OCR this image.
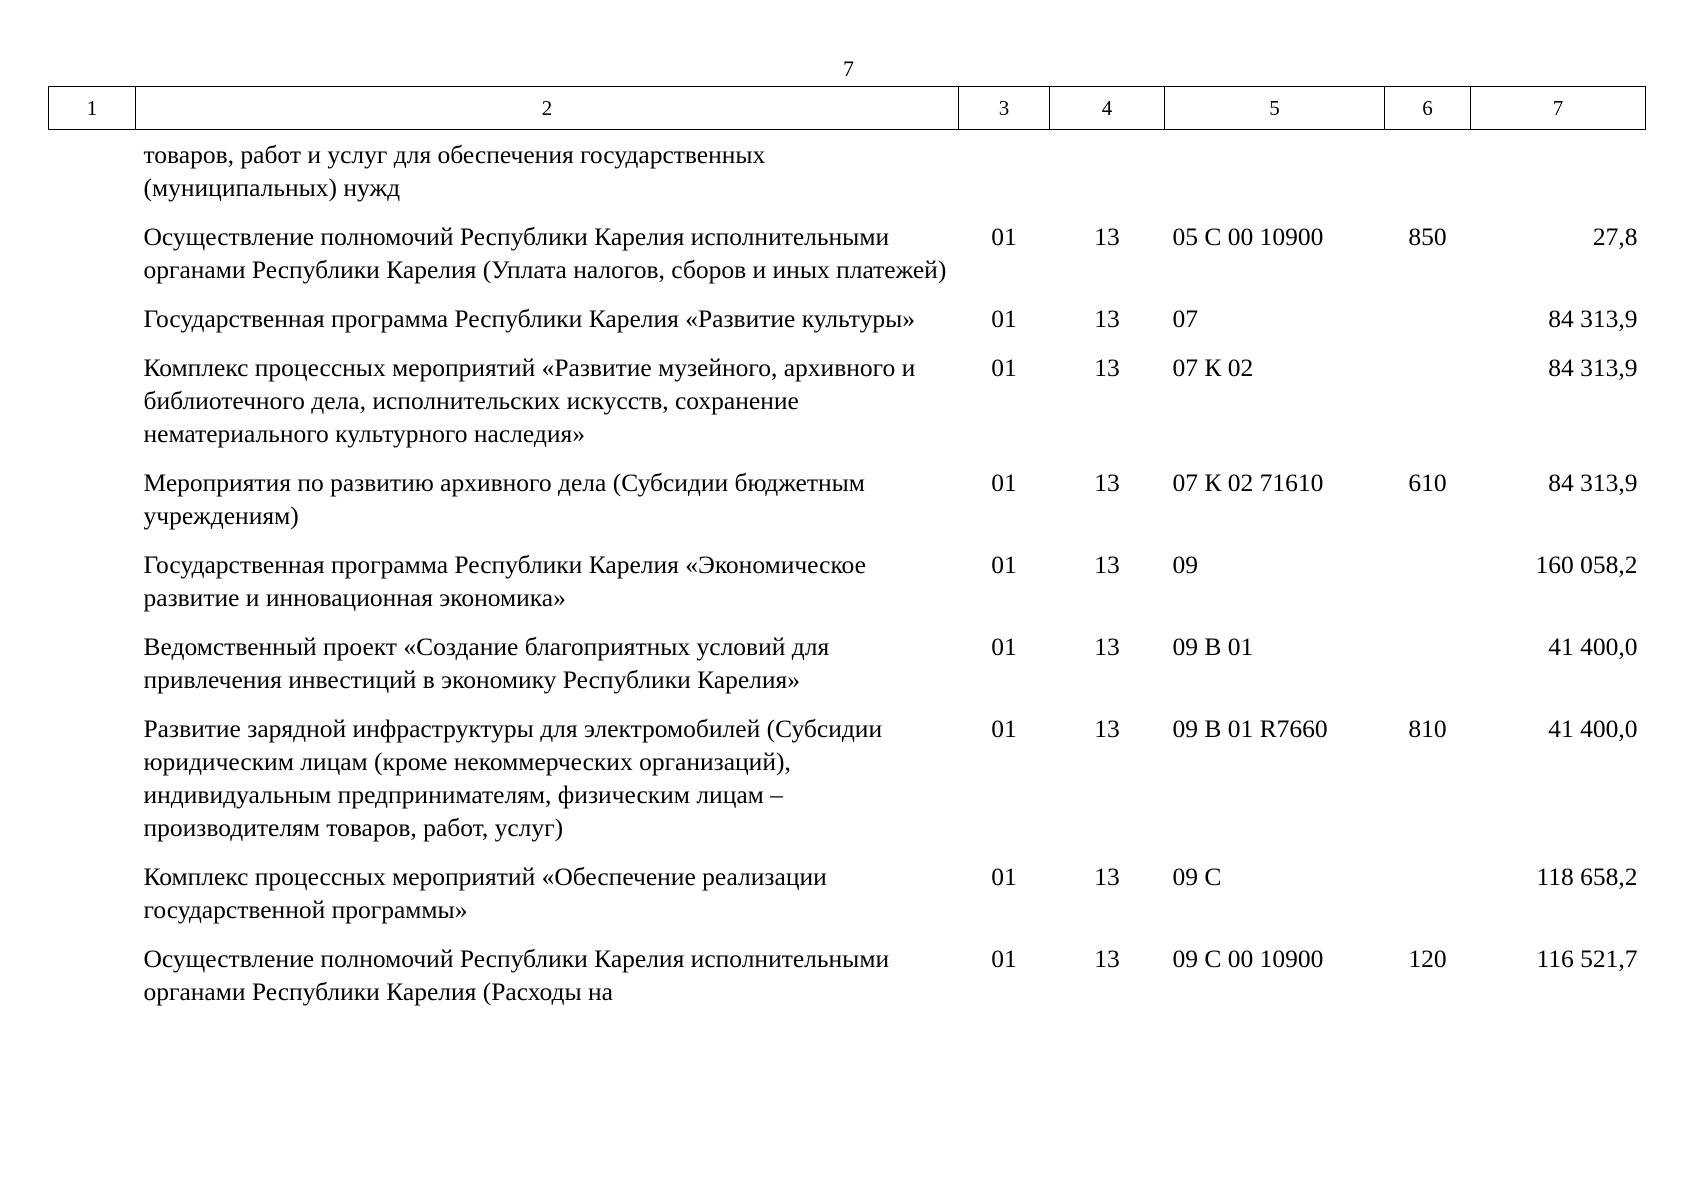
7
1	2	3	4	5	6	7
	товаров, работ и услуг для обеспечения государственных (муниципальных) нужд					
	Осуществление полномочий Республики Карелия исполнительными органами Республики Карелия (Уплата налогов, сборов и иных платежей)	01	13	05 С 00 10900	850	27,8
	Государственная программа Республики Карелия «Развитие культуры»	01	13	07		84 313,9
	Комплекс процессных мероприятий «Развитие музейного, архивного и библиотечного дела, исполнительских искусств, сохранение нематериального культурного наследия»	01	13	07 К 02		84 313,9
	Мероприятия по развитию архивного дела (Субсидии бюджетным учреждениям)	01	13	07 К 02 71610	610	84 313,9
	Государственная программа Республики Карелия «Экономическое развитие и инновационная экономика»	01	13	09		160 058,2
	Ведомственный проект «Создание благоприятных условий для привлечения инвестиций в экономику Республики Карелия»	01	13	09 В 01		41 400,0
	Развитие зарядной инфраструктуры для электромобилей (Субсидии юридическим лицам (кроме некоммерческих организаций), индивидуальным предпринимателям, физическим лицам – производителям товаров, работ, услуг)	01	13	09 В 01 R7660	810	41 400,0
	Комплекс процессных мероприятий «Обеспечение реализации государственной программы»	01	13	09 С		118 658,2
	Осуществление полномочий Республики Карелия исполнительными органами Республики Карелия (Расходы на	01	13	09 С 00 10900	120	116 521,7
